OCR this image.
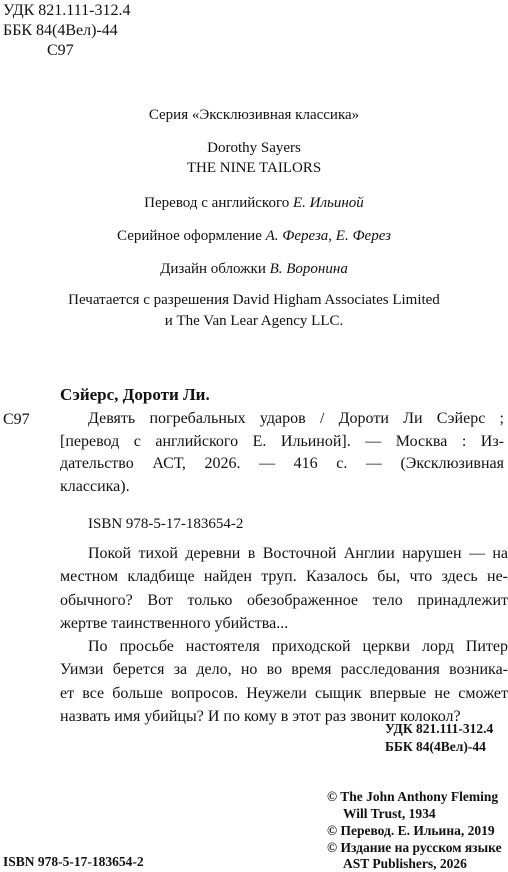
УДК 821.111-312.4
ББК 84(4Вел)-44
С97
Серия «Эксклюзивная классика»
Dorothy Sayers
THE NINE TAILORS
Перевод с английского Е. Ильиной
Серийное оформление А. Фереза, Е. Ферез
Дизайн обложки В. Воронина
Печатается с разрешения David Higham Associates Limited
и The Van Lear Agency LLC.
Сэйерс, Дороти Ли.
С97	Девять погребальных ударов / Дороти Ли Сэйерс ;
[перевод с английского Е. Ильиной]. — Москва : Из-
дательство АСТ, 2026. — 416 с. — (Эксклюзивная
классика).
ISBN 978-5-17-183654-2
Покой тихой деревни в Восточной Англии нарушен — на
местном кладбище найден труп. Казалось бы, что здесь не-
обычного? Вот только обезображенное тело принадлежит
жертве таинственного убийства...
По просьбе настоятеля приходской церкви лорд Питер
Уимзи берется за дело, но во время расследования возника-
ет все больше вопросов. Неужели сыщик впервые не сможет
назвать имя убийцы? И по кому в этот раз звонит колокол?
УДК 821.111-312.4
ББК 84(4Вел)-44
© The John Anthony Fleming
Will Trust, 1934
© Перевод. Е. Ильина, 2019
© Издание на русском языке
AST Publishers, 2026
ISBN 978-5-17-183654-2
